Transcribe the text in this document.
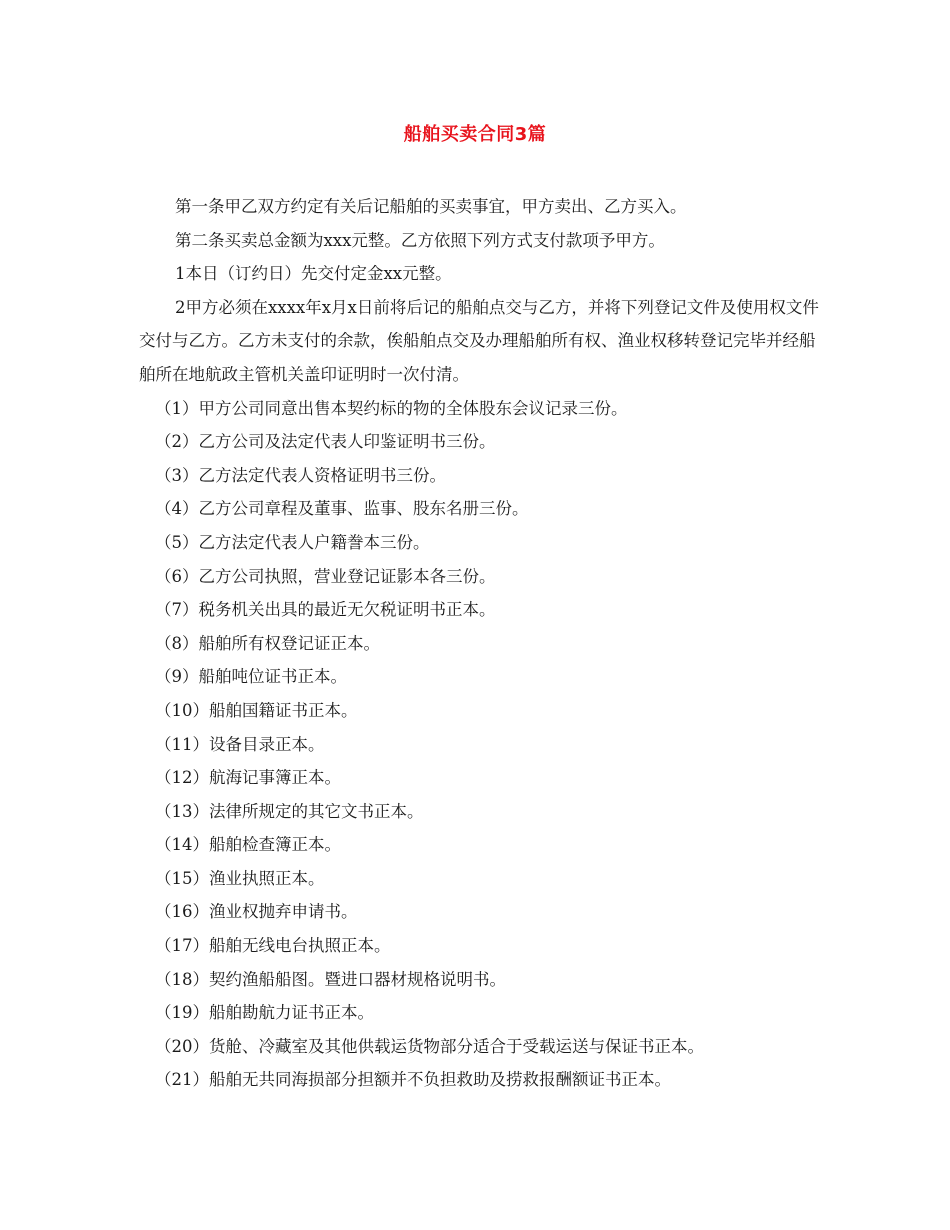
船舶买卖合同3篇

第一条甲乙双方约定有关后记船舶的买卖事宜，甲方卖出、乙方买入。

第二条买卖总金额为xxx元整。乙方依照下列方式支付款项予甲方。

1本日（订约日）先交付定金xx元整。

2甲方必须在xxxx年x月x日前将后记的船舶点交与乙方，并将下列登记文件及使用权文件交付与乙方。乙方未支付的余款，俟船舶点交及办理船舶所有权、渔业权移转登记完毕并经船舶所在地航政主管机关盖印证明时一次付清。

（1）甲方公司同意出售本契约标的物的全体股东会议记录三份。
（2）乙方公司及法定代表人印鉴证明书三份。
（3）乙方法定代表人资格证明书三份。
（4）乙方公司章程及董事、监事、股东名册三份。
（5）乙方法定代表人户籍誊本三份。
（6）乙方公司执照，营业登记证影本各三份。
（7）税务机关出具的最近无欠税证明书正本。
（8）船舶所有权登记证正本。
（9）船舶吨位证书正本。
（10）船舶国籍证书正本。
（11）设备目录正本。
（12）航海记事簿正本。
（13）法律所规定的其它文书正本。
（14）船舶检查簿正本。
（15）渔业执照正本。
（16）渔业权抛弃申请书。
（17）船舶无线电台执照正本。
（18）契约渔船船图。暨进口器材规格说明书。
（19）船舶勘航力证书正本。
（20）货舱、冷藏室及其他供载运货物部分适合于受载运送与保证书正本。
（21）船舶无共同海损部分担额并不负担救助及捞救报酬额证书正本。
